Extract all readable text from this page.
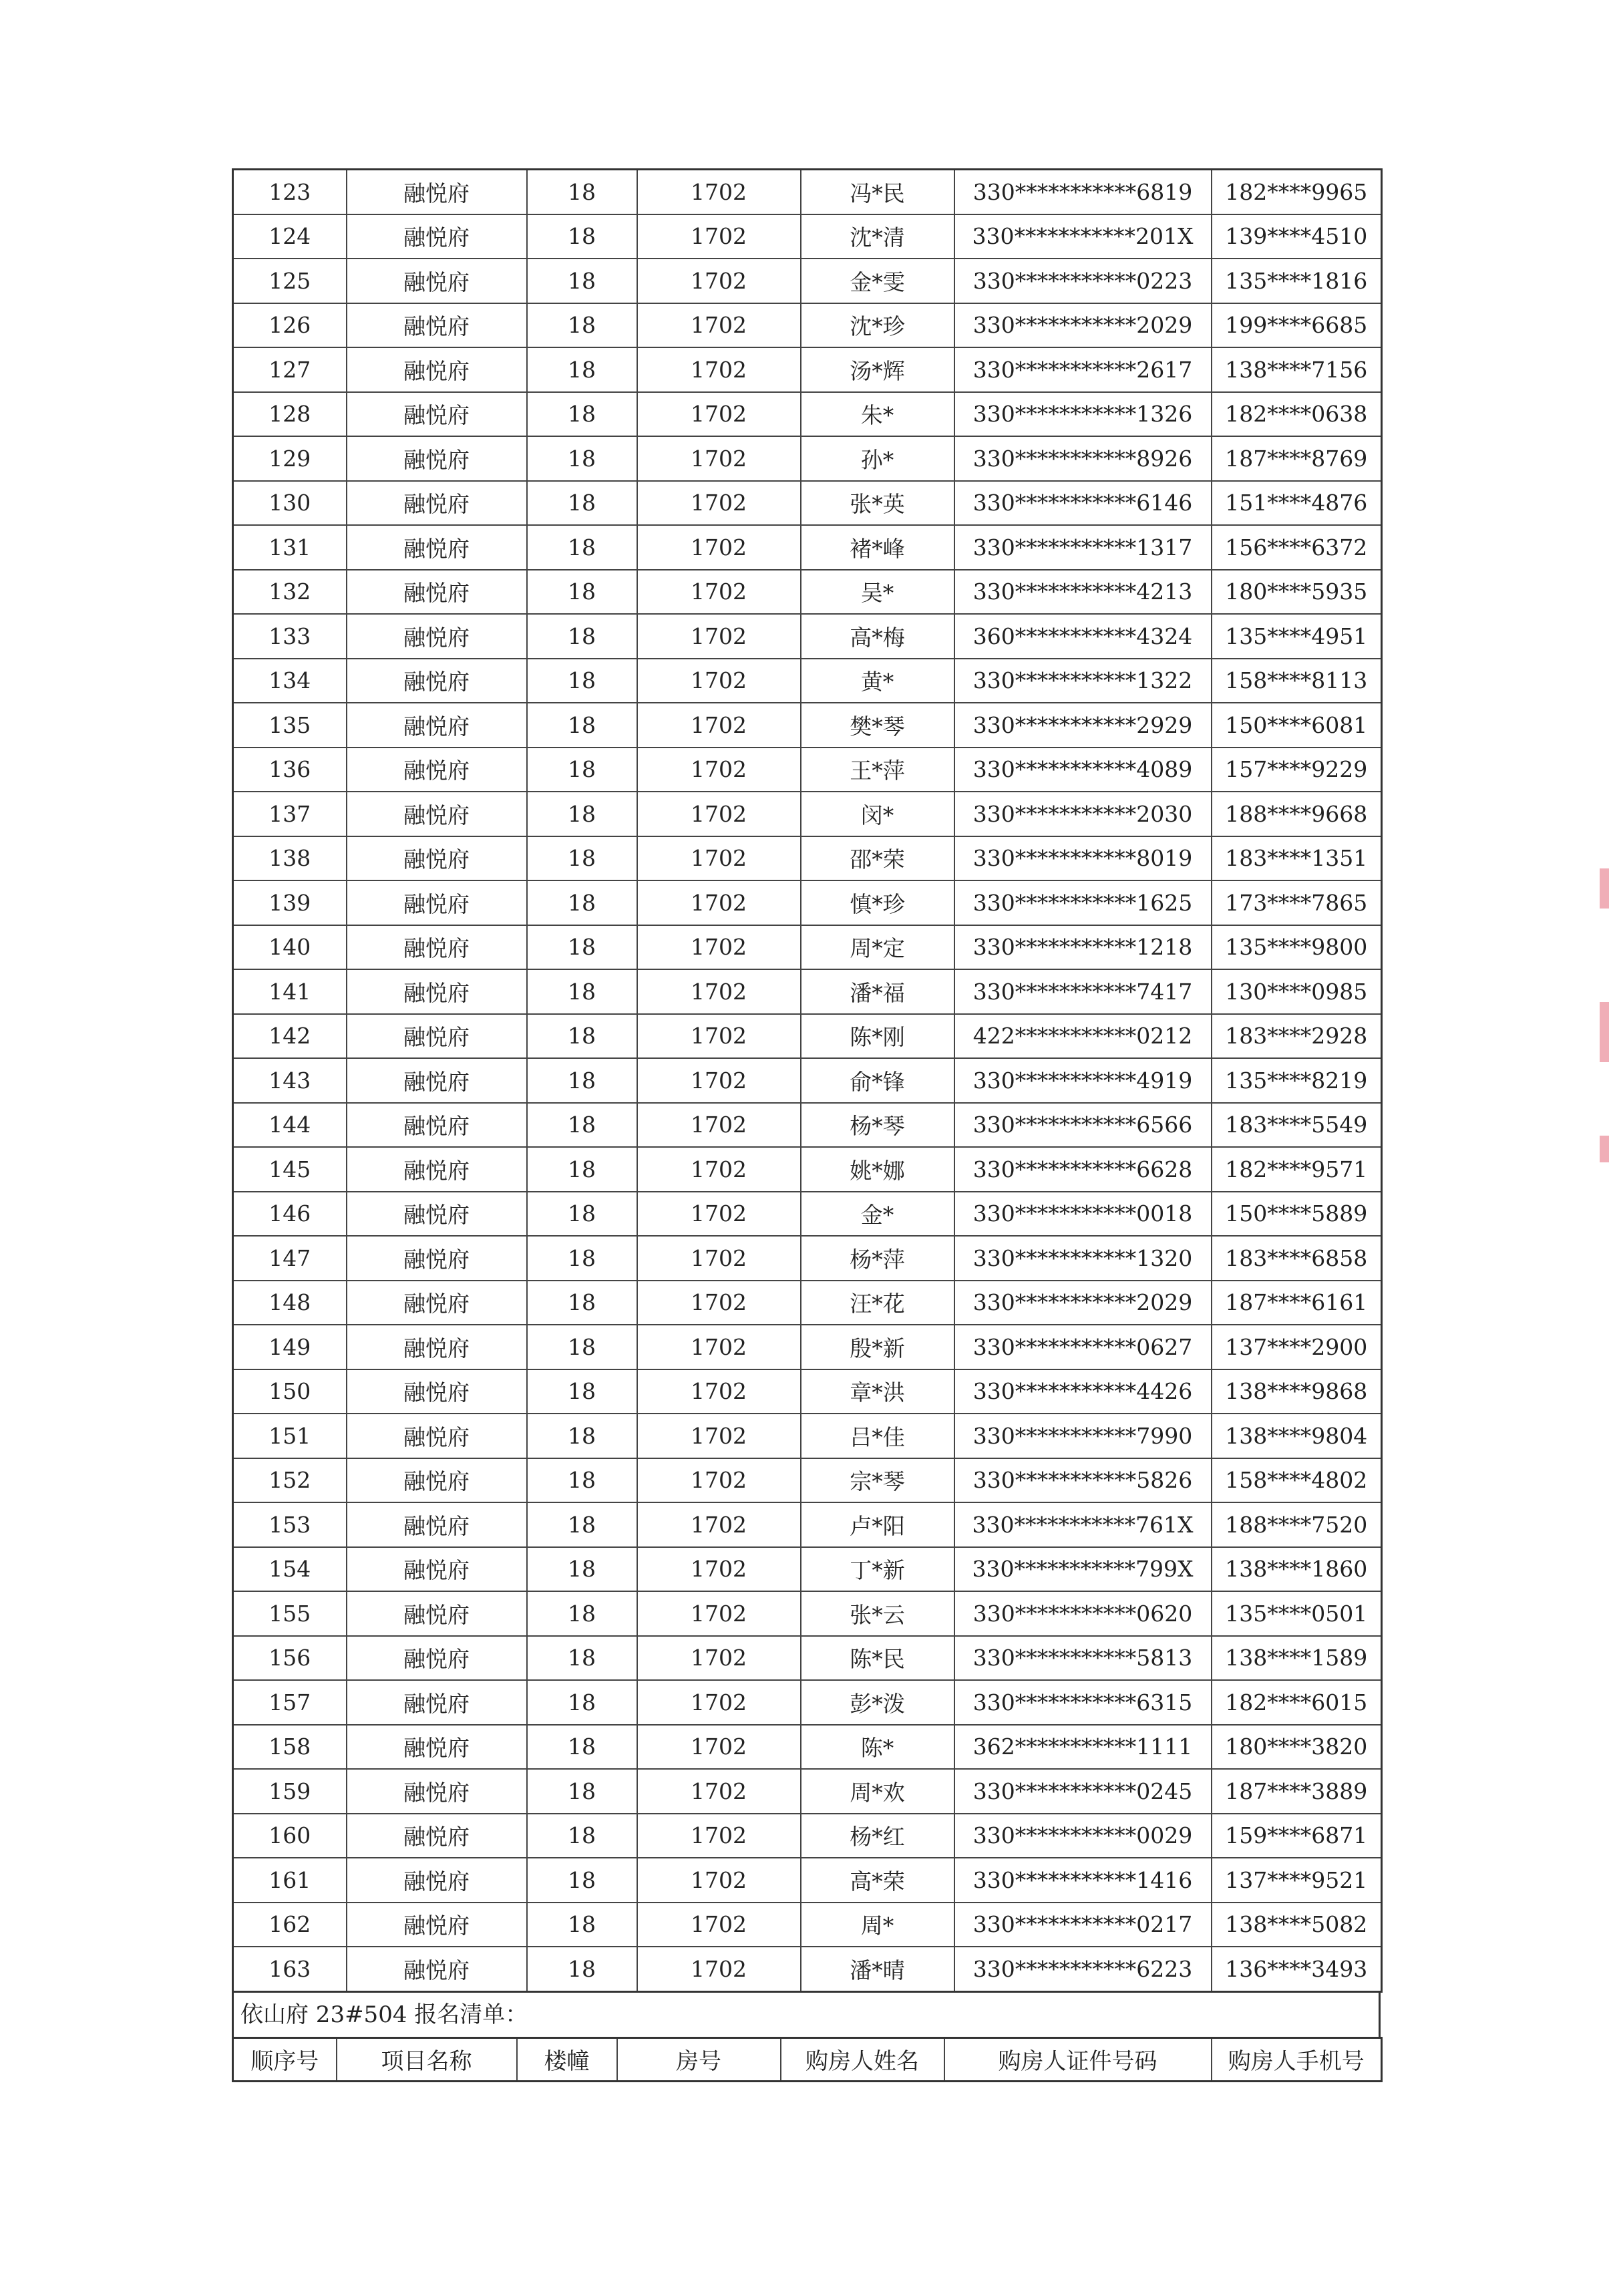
123	融悦府	18	1702	冯*民	330***********6819	182****9965
124	融悦府	18	1702	沈*清	330***********201X	139****4510
125	融悦府	18	1702	金*雯	330***********0223	135****1816
126	融悦府	18	1702	沈*珍	330***********2029	199****6685
127	融悦府	18	1702	汤*辉	330***********2617	138****7156
128	融悦府	18	1702	朱*	330***********1326	182****0638
129	融悦府	18	1702	孙*	330***********8926	187****8769
130	融悦府	18	1702	张*英	330***********6146	151****4876
131	融悦府	18	1702	褚*峰	330***********1317	156****6372
132	融悦府	18	1702	吴*	330***********4213	180****5935
133	融悦府	18	1702	高*梅	360***********4324	135****4951
134	融悦府	18	1702	黄*	330***********1322	158****8113
135	融悦府	18	1702	樊*琴	330***********2929	150****6081
136	融悦府	18	1702	王*萍	330***********4089	157****9229
137	融悦府	18	1702	闵*	330***********2030	188****9668
138	融悦府	18	1702	邵*荣	330***********8019	183****1351
139	融悦府	18	1702	慎*珍	330***********1625	173****7865
140	融悦府	18	1702	周*定	330***********1218	135****9800
141	融悦府	18	1702	潘*福	330***********7417	130****0985
142	融悦府	18	1702	陈*刚	422***********0212	183****2928
143	融悦府	18	1702	俞*锋	330***********4919	135****8219
144	融悦府	18	1702	杨*琴	330***********6566	183****5549
145	融悦府	18	1702	姚*娜	330***********6628	182****9571
146	融悦府	18	1702	金*	330***********0018	150****5889
147	融悦府	18	1702	杨*萍	330***********1320	183****6858
148	融悦府	18	1702	汪*花	330***********2029	187****6161
149	融悦府	18	1702	殷*新	330***********0627	137****2900
150	融悦府	18	1702	章*洪	330***********4426	138****9868
151	融悦府	18	1702	吕*佳	330***********7990	138****9804
152	融悦府	18	1702	宗*琴	330***********5826	158****4802
153	融悦府	18	1702	卢*阳	330***********761X	188****7520
154	融悦府	18	1702	丁*新	330***********799X	138****1860
155	融悦府	18	1702	张*云	330***********0620	135****0501
156	融悦府	18	1702	陈*民	330***********5813	138****1589
157	融悦府	18	1702	彭*泼	330***********6315	182****6015
158	融悦府	18	1702	陈*	362***********1111	180****3820
159	融悦府	18	1702	周*欢	330***********0245	187****3889
160	融悦府	18	1702	杨*红	330***********0029	159****6871
161	融悦府	18	1702	高*荣	330***********1416	137****9521
162	融悦府	18	1702	周*	330***********0217	138****5082
163	融悦府	18	1702	潘*晴	330***********6223	136****3493
依山府 23#504 报名清单：
顺序号	项目名称	楼幢	房号	购房人姓名	购房人证件号码	购房人手机号
